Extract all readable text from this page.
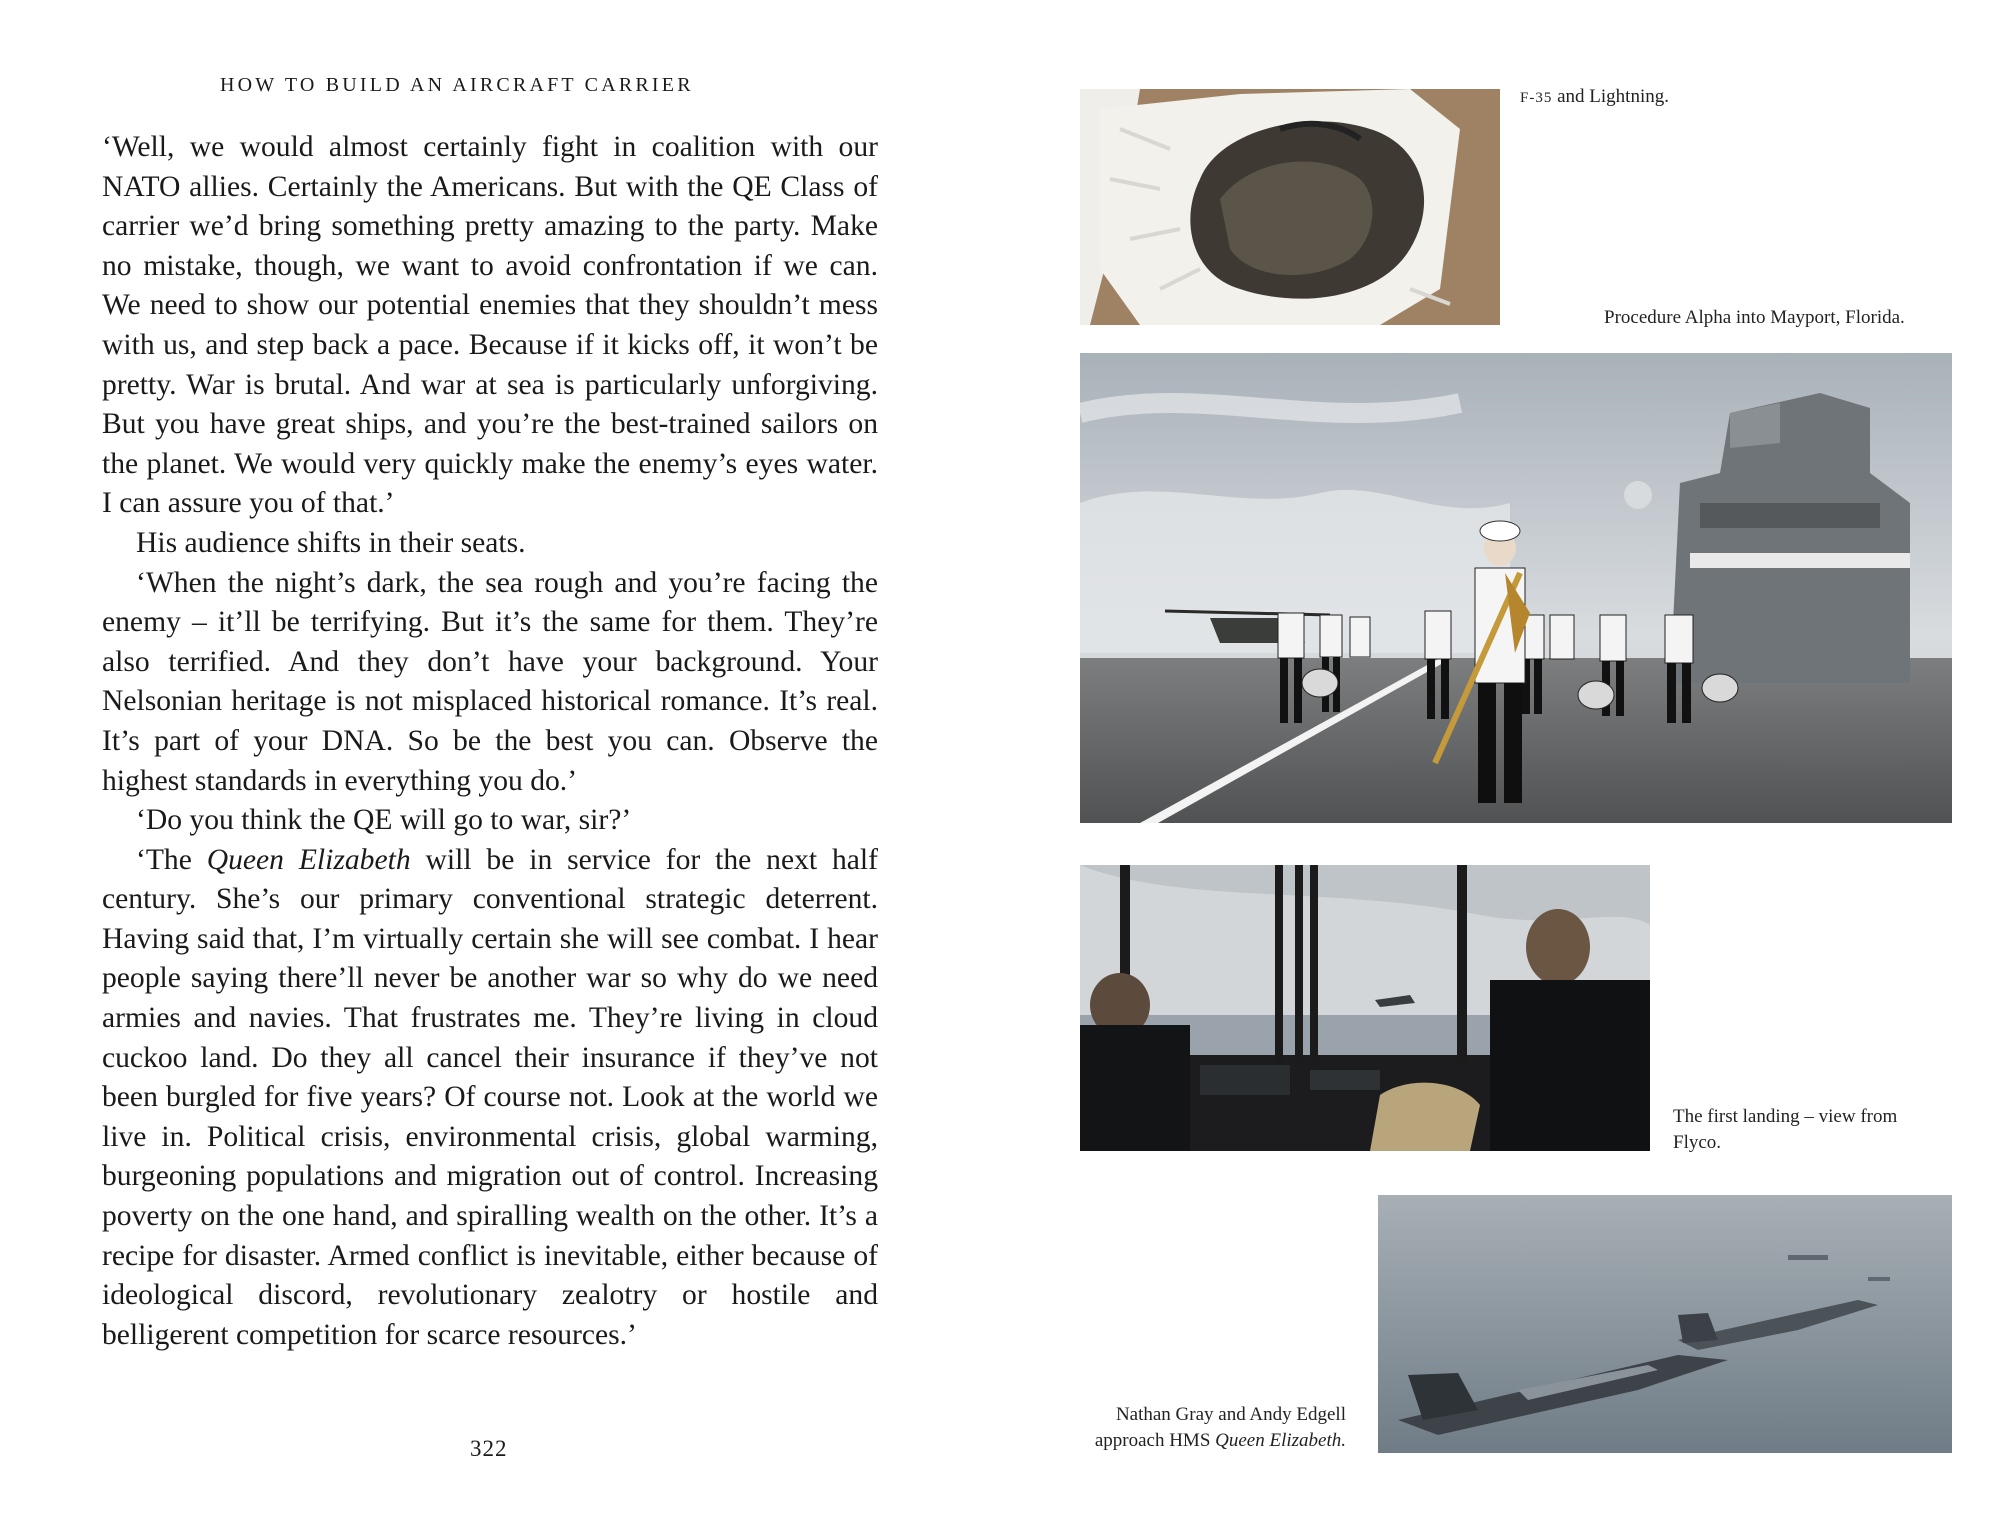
HOW TO BUILD AN AIRCRAFT CARRIER

‘Well, we would almost certainly fight in coalition with our NATO allies. Certainly the Americans. But with the QE Class of carrier we’d bring something pretty amazing to the party. Make no mistake, though, we want to avoid confrontation if we can. We need to show our potential enemies that they shouldn’t mess with us, and step back a pace. Because if it kicks off, it won’t be pretty. War is brutal. And war at sea is particularly unforgiving. But you have great ships, and you’re the best-trained sailors on the planet. We would very quickly make the enemy’s eyes water. I can assure you of that.’

His audience shifts in their seats.

‘When the night’s dark, the sea rough and you’re facing the enemy – it’ll be terrifying. But it’s the same for them. They’re also terrified. And they don’t have your background. Your Nelsonian heritage is not misplaced historical romance. It’s real. It’s part of your DNA. So be the best you can. Observe the highest standards in everything you do.’

‘Do you think the QE will go to war, sir?’

‘The Queen Elizabeth will be in service for the next half century. She’s our primary conventional strategic deterrent. Having said that, I’m virtually certain she will see combat. I hear people saying there’ll never be another war so why do we need armies and navies. That frustrates me. They’re living in cloud cuckoo land. Do they all cancel their insurance if they’ve not been burgled for five years? Of course not. Look at the world we live in. Political crisis, environmental crisis, global warming, burgeoning populations and migration out of control. Increasing poverty on the one hand, and spiralling wealth on the other. It’s a recipe for disaster. Armed conflict is inevitable, either because of ideological discord, revolutionary zealotry or hostile and belligerent competition for scarce resources.’

322
F-35 and Lightning.
Procedure Alpha into Mayport, Florida.
The first landing – view from
Flyco.
Nathan Gray and Andy Edgell
approach HMS Queen Elizabeth.
